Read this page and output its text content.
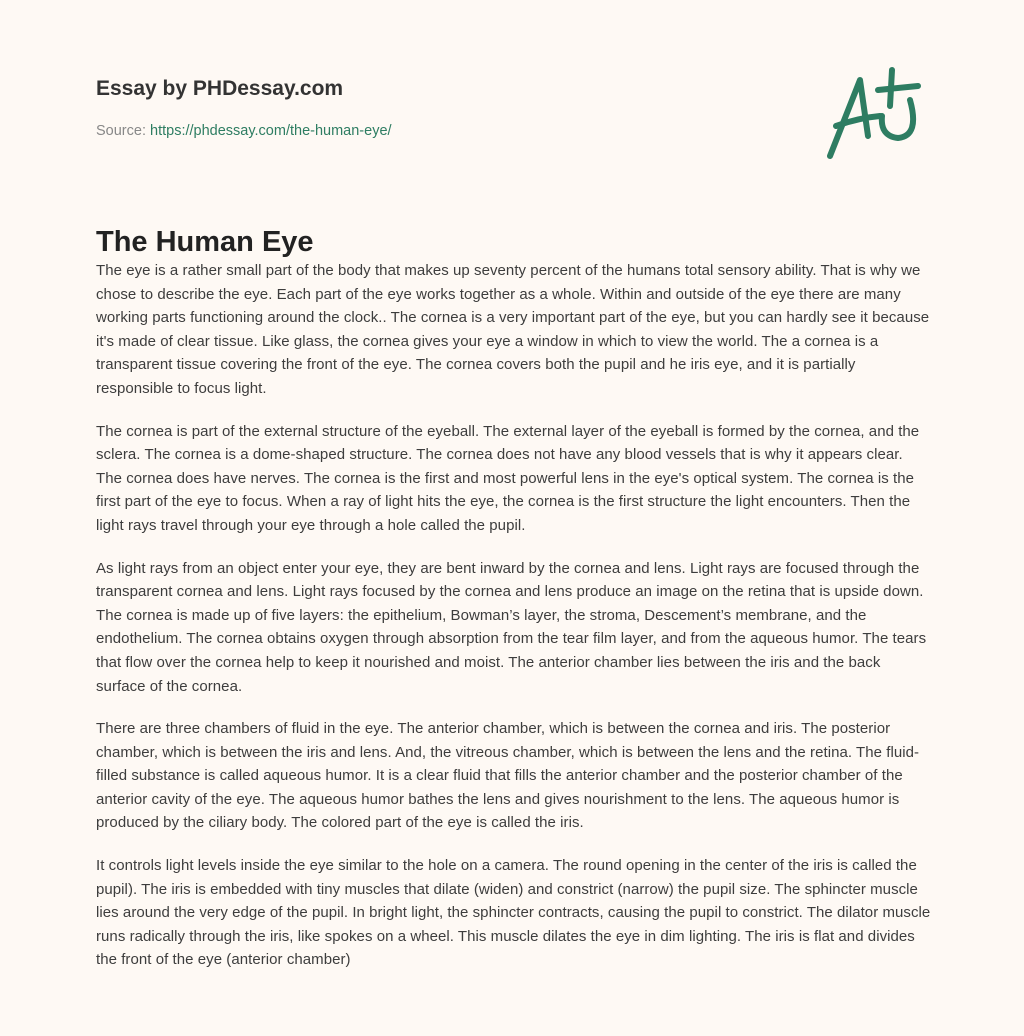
Essay by PHDessay.com
Source: https://phdessay.com/the-human-eye/
The Human Eye

The eye is a rather small part of the body that makes up seventy percent of the humans total sensory ability. That is why we chose to describe the eye. Each part of the eye works together as a whole. Within and outside of the eye there are many working parts functioning around the clock.. The cornea is a very important part of the eye, but you can hardly see it because it's made of clear tissue. Like glass, the cornea gives your eye a window in which to view the world. The a cornea is a transparent tissue covering the front of the eye. The cornea covers both the pupil and he iris eye, and it is partially responsible to focus light.

The cornea is part of the external structure of the eyeball. The external layer of the eyeball is formed by the cornea, and the sclera. The cornea is a dome-shaped structure. The cornea does not have any blood vessels that is why it appears clear. The cornea does have nerves. The cornea is the first and most powerful lens in the eye's optical system. The cornea is the first part of the eye to focus. When a ray of light hits the eye, the cornea is the first structure the light encounters. Then the light rays travel through your eye through a hole called the pupil.

As light rays from an object enter your eye, they are bent inward by the cornea and lens. Light rays are focused through the transparent cornea and lens. Light rays focused by the cornea and lens produce an image on the retina that is upside down. The cornea is made up of five layers: the epithelium, Bowman’s layer, the stroma, Descement’s membrane, and the endothelium. The cornea obtains oxygen through absorption from the tear film layer, and from the aqueous humor. The tears that flow over the cornea help to keep it nourished and moist. The anterior chamber lies between the iris and the back surface of the cornea.

There are three chambers of fluid in the eye. The anterior chamber, which is between the cornea and iris. The posterior chamber, which is between the iris and lens. And, the vitreous chamber, which is between the lens and the retina. The fluid-filled substance is called aqueous humor. It is a clear fluid that fills the anterior chamber and the posterior chamber of the anterior cavity of the eye. The aqueous humor bathes the lens and gives nourishment to the lens. The aqueous humor is produced by the ciliary body. The colored part of the eye is called the iris.

It controls light levels inside the eye similar to the hole on a camera. The round opening in the center of the iris is called the pupil). The iris is embedded with tiny muscles that dilate (widen) and constrict (narrow) the pupil size. The sphincter muscle lies around the very edge of the pupil. In bright light, the sphincter contracts, causing the pupil to constrict. The dilator muscle runs radically through the iris, like spokes on a wheel. This muscle dilates the eye in dim lighting. The iris is flat and divides the front of the eye (anterior chamber)
